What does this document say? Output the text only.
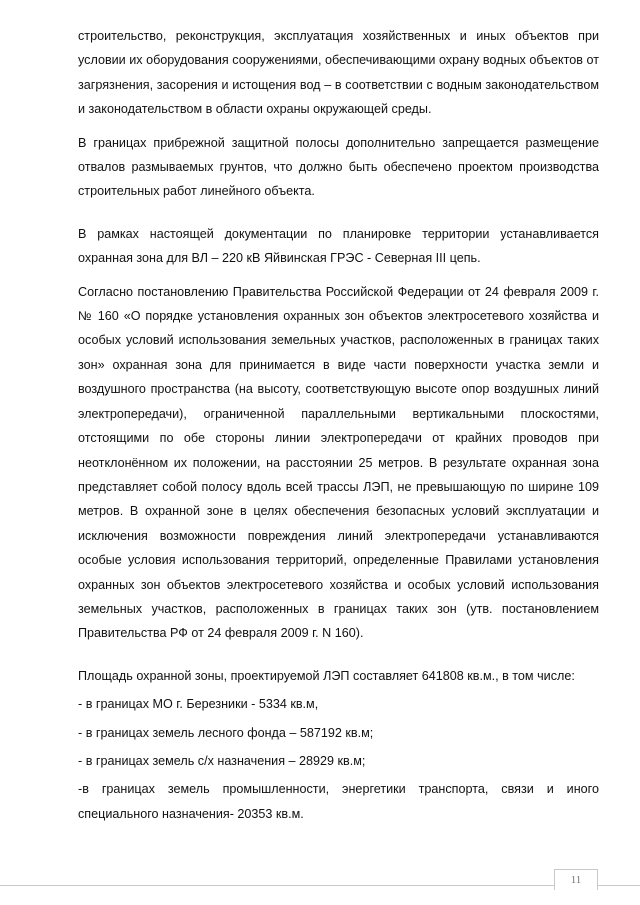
строительство, реконструкция, эксплуатация хозяйственных и иных объектов при условии их оборудования сооружениями, обеспечивающими охрану водных объектов от загрязнения, засорения и истощения вод – в соответствии с водным законодательством и законодательством в области охраны окружающей среды.

В границах прибрежной защитной полосы дополнительно запрещается размещение отвалов размываемых грунтов, что должно быть обеспечено проектом производства строительных работ линейного объекта.

В рамках настоящей документации по планировке территории устанавливается охранная зона для ВЛ – 220 кВ Яйвинская ГРЭС - Северная III цепь.

Согласно постановлению Правительства Российской Федерации от 24 февраля 2009 г. № 160 «О порядке установления охранных зон объектов электросетевого хозяйства и особых условий использования земельных участков, расположенных в границах таких зон» охранная зона для принимается в виде части поверхности участка земли и воздушного пространства (на высоту, соответствующую высоте опор воздушных линий электропередачи), ограниченной параллельными вертикальными плоскостями, отстоящими по обе стороны линии электропередачи от крайних проводов при неотклонённом их положении, на расстоянии 25 метров. В результате охранная зона представляет собой полосу вдоль всей трассы ЛЭП, не превышающую по ширине 109 метров. В охранной зоне в целях обеспечения безопасных условий эксплуатации и исключения возможности повреждения линий электропередачи устанавливаются особые условия использования территорий, определенные Правилами установления охранных зон объектов электросетевого хозяйства и особых условий использования земельных участков, расположенных в границах таких зон (утв. постановлением Правительства РФ от 24 февраля 2009 г. N 160).

Площадь охранной зоны, проектируемой ЛЭП составляет 641808 кв.м., в том числе:

- в границах МО г. Березники - 5334 кв.м,

- в границах земель лесного фонда – 587192 кв.м;

- в границах земель с/х назначения – 28929 кв.м;

-в границах земель промышленности, энергетики транспорта, связи и иного специального назначения- 20353 кв.м.

11
